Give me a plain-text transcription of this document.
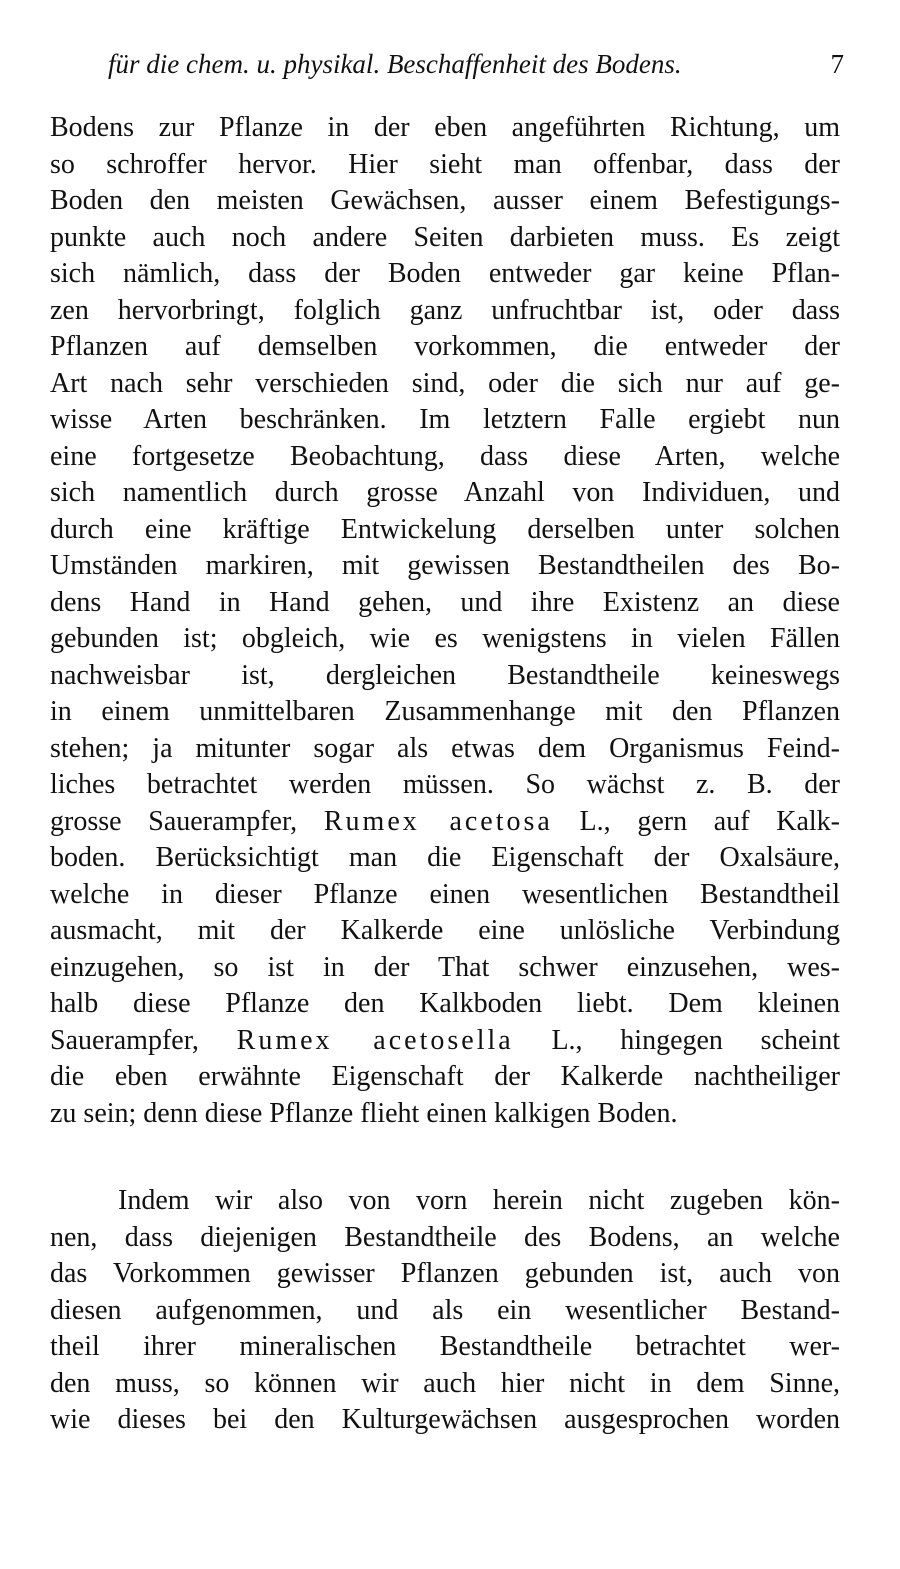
für die chem. u. physikal. Beschaffenheit des Bodens.	7
Bodens zur Pflanze in der eben angeführten Richtung, um
so schroffer hervor. Hier sieht man offenbar, dass der
Boden den meisten Gewächsen, ausser einem Befestigungs-
punkte auch noch andere Seiten darbieten muss. Es zeigt
sich nämlich, dass der Boden entweder gar keine Pflan-
zen hervorbringt, folglich ganz unfruchtbar ist, oder dass
Pflanzen auf demselben vorkommen, die entweder der
Art nach sehr verschieden sind, oder die sich nur auf ge-
wisse Arten beschränken. Im letztern Falle ergiebt nun
eine fortgesetze Beobachtung, dass diese Arten, welche
sich namentlich durch grosse Anzahl von Individuen, und
durch eine kräftige Entwickelung derselben unter solchen
Umständen markiren, mit gewissen Bestandtheilen des Bo-
dens Hand in Hand gehen, und ihre Existenz an diese
gebunden ist; obgleich, wie es wenigstens in vielen Fällen
nachweisbar ist, dergleichen Bestandtheile keineswegs
in einem unmittelbaren Zusammenhange mit den Pflanzen
stehen; ja mitunter sogar als etwas dem Organismus Feind-
liches betrachtet werden müssen. So wächst z. B. der
grosse Sauerampfer, Rumex acetosa L., gern auf Kalk-
boden. Berücksichtigt man die Eigenschaft der Oxalsäure,
welche in dieser Pflanze einen wesentlichen Bestandtheil
ausmacht, mit der Kalkerde eine unlösliche Verbindung
einzugehen, so ist in der That schwer einzusehen, wes-
halb diese Pflanze den Kalkboden liebt. Dem kleinen
Sauerampfer, Rumex acetosella L., hingegen scheint
die eben erwähnte Eigenschaft der Kalkerde nachtheiliger
zu sein; denn diese Pflanze flieht einen kalkigen Boden.
Indem wir also von vorn herein nicht zugeben kön-
nen, dass diejenigen Bestandtheile des Bodens, an welche
das Vorkommen gewisser Pflanzen gebunden ist, auch von
diesen aufgenommen, und als ein wesentlicher Bestand-
theil ihrer mineralischen Bestandtheile betrachtet wer-
den muss, so können wir auch hier nicht in dem Sinne,
wie dieses bei den Kulturgewächsen ausgesprochen worden
